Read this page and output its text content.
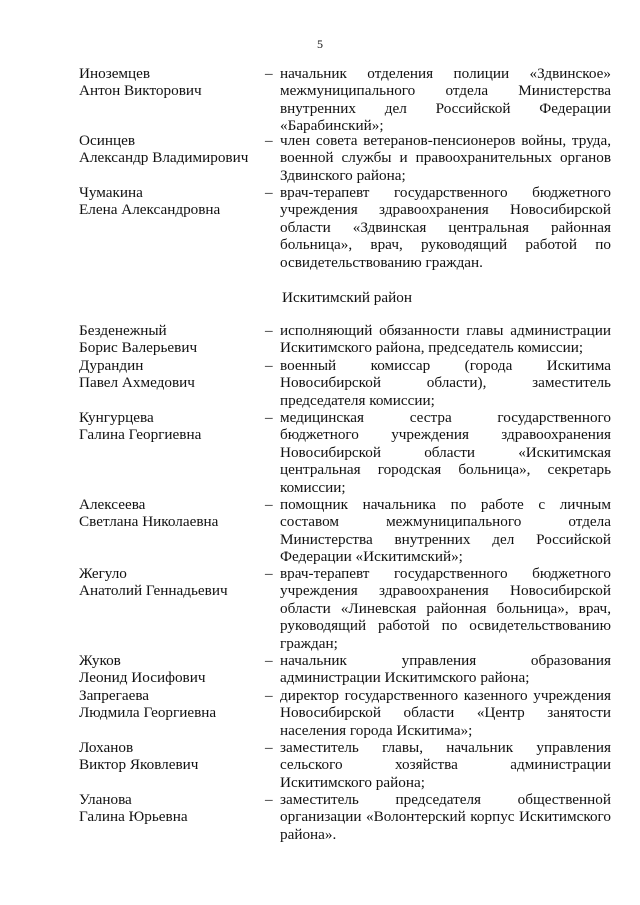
5
Иноземцев
Антон Викторович
– начальник отделения полиции «Здвинское»
межмуниципального отдела Министерства
внутренних дел Российской Федерации
«Барабинский»;
Осинцев
Александр Владимирович
– член совета ветеранов-пенсионеров войны, труда,
военной службы и правоохранительных органов
Здвинского района;
Чумакина
Елена Александровна
– врач-терапевт государственного бюджетного
учреждения здравоохранения Новосибирской
области «Здвинская центральная районная
больница», врач, руководящий работой по
освидетельствованию граждан.
Безденежный
Борис Валерьевич
– исполняющий обязанности главы администрации
Искитимского района, председатель комиссии;
Дурандин
Павел Ахмедович
– военный комиссар (города Искитима
Новосибирской области), заместитель
председателя комиссии;
Кунгурцева
Галина Георгиевна
– медицинская сестра государственного
бюджетного учреждения здравоохранения
Новосибирской области «Искитимская
центральная городская больница», секретарь
комиссии;
Алексеева
Светлана Николаевна
– помощник начальника по работе с личным
составом межмуниципального отдела
Министерства внутренних дел Российской
Федерации «Искитимский»;
Жегуло
Анатолий Геннадьевич
– врач-терапевт государственного бюджетного
учреждения здравоохранения Новосибирской
области «Линевская районная больница», врач,
руководящий работой по освидетельствованию
граждан;
Жуков
Леонид Иосифович
– начальник управления образования
администрации Искитимского района;
Запрегаева
Людмила Георгиевна
– директор государственного казенного учреждения
Новосибирской области «Центр занятости
населения города Искитима»;
Лоханов
Виктор Яковлевич
– заместитель главы, начальник управления
сельского хозяйства администрации
Искитимского района;
Уланова
Галина Юрьевна
– заместитель председателя общественной
организации «Волонтерский корпус Искитимского
района».
Искитимский район
